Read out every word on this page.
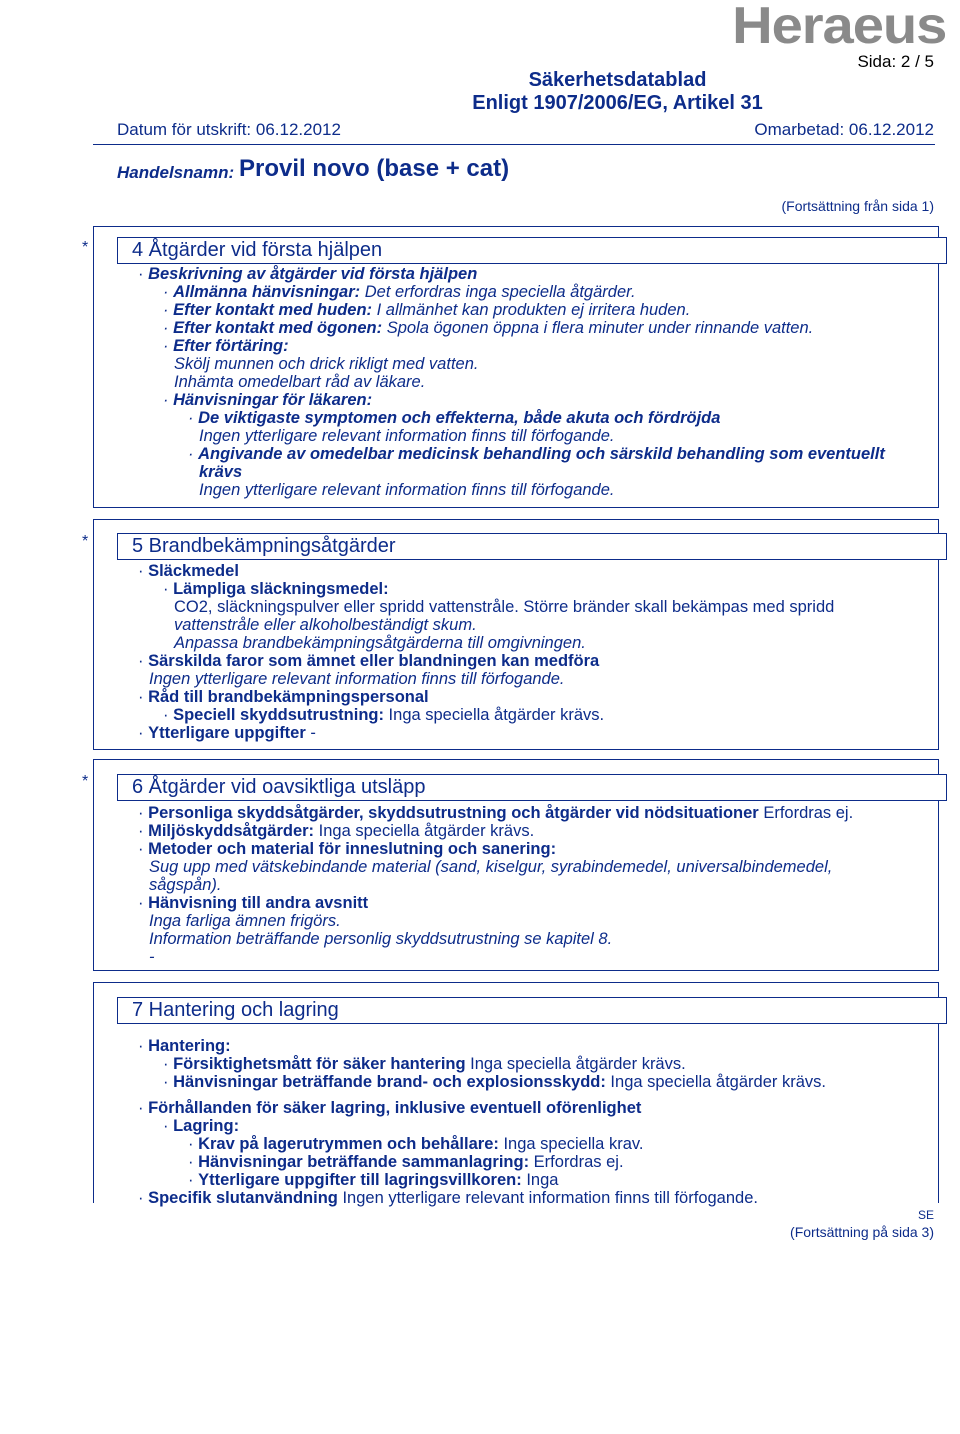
Heraeus
Sida: 2 / 5
Säkerhetsdatablad
Enligt 1907/2006/EG, Artikel 31
Datum för utskrift: 06.12.2012	Omarbetad: 06.12.2012
Handelsnamn: Provil novo (base + cat)
(Fortsättning från sida 1)
*	4 Åtgärder vid första hjälpen
· Beskrivning av åtgärder vid första hjälpen
· Allmänna hänvisningar: Det erfordras inga speciella åtgärder.
· Efter kontakt med huden: I allmänhet kan produkten ej irritera huden.
· Efter kontakt med ögonen: Spola ögonen öppna i flera minuter under rinnande vatten.
· Efter förtäring:
Skölj munnen och drick rikligt med vatten.
Inhämta omedelbart råd av läkare.
· Hänvisningar för läkaren:
· De viktigaste symptomen och effekterna, både akuta och fördröjda
Ingen ytterligare relevant information finns till förfogande.
· Angivande av omedelbar medicinsk behandling och särskild behandling som eventuellt
krävs
Ingen ytterligare relevant information finns till förfogande.
*	5 Brandbekämpningsåtgärder
· Släckmedel
· Lämpliga släckningsmedel:
CO2, släckningspulver eller spridd vattenstråle. Större bränder skall bekämpas med spridd
vattenstråle eller alkoholbeständigt skum.
Anpassa brandbekämpningsåtgärderna till omgivningen.
· Särskilda faror som ämnet eller blandningen kan medföra
Ingen ytterligare relevant information finns till förfogande.
· Råd till brandbekämpningspersonal
· Speciell skyddsutrustning: Inga speciella åtgärder krävs.
· Ytterligare uppgifter -
*	6 Åtgärder vid oavsiktliga utsläpp
· Personliga skyddsåtgärder, skyddsutrustning och åtgärder vid nödsituationer Erfordras ej.
· Miljöskyddsåtgärder: Inga speciella åtgärder krävs.
· Metoder och material för inneslutning och sanering:
Sug upp med vätskebindande material (sand, kiselgur, syrabindemedel, universalbindemedel,
sågspån).
· Hänvisning till andra avsnitt
Inga farliga ämnen frigörs.
Information beträffande personlig skyddsutrustning se kapitel 8.
-
7 Hantering och lagring
· Hantering:
· Försiktighetsmått för säker hantering Inga speciella åtgärder krävs.
· Hänvisningar beträffande brand- och explosionsskydd: Inga speciella åtgärder krävs.
· Förhållanden för säker lagring, inklusive eventuell oförenlighet
· Lagring:
· Krav på lagerutrymmen och behållare: Inga speciella krav.
· Hänvisningar beträffande sammanlagring: Erfordras ej.
· Ytterligare uppgifter till lagringsvillkoren: Inga
· Specifik slutanvändning Ingen ytterligare relevant information finns till förfogande.
SE
(Fortsättning på sida 3)
